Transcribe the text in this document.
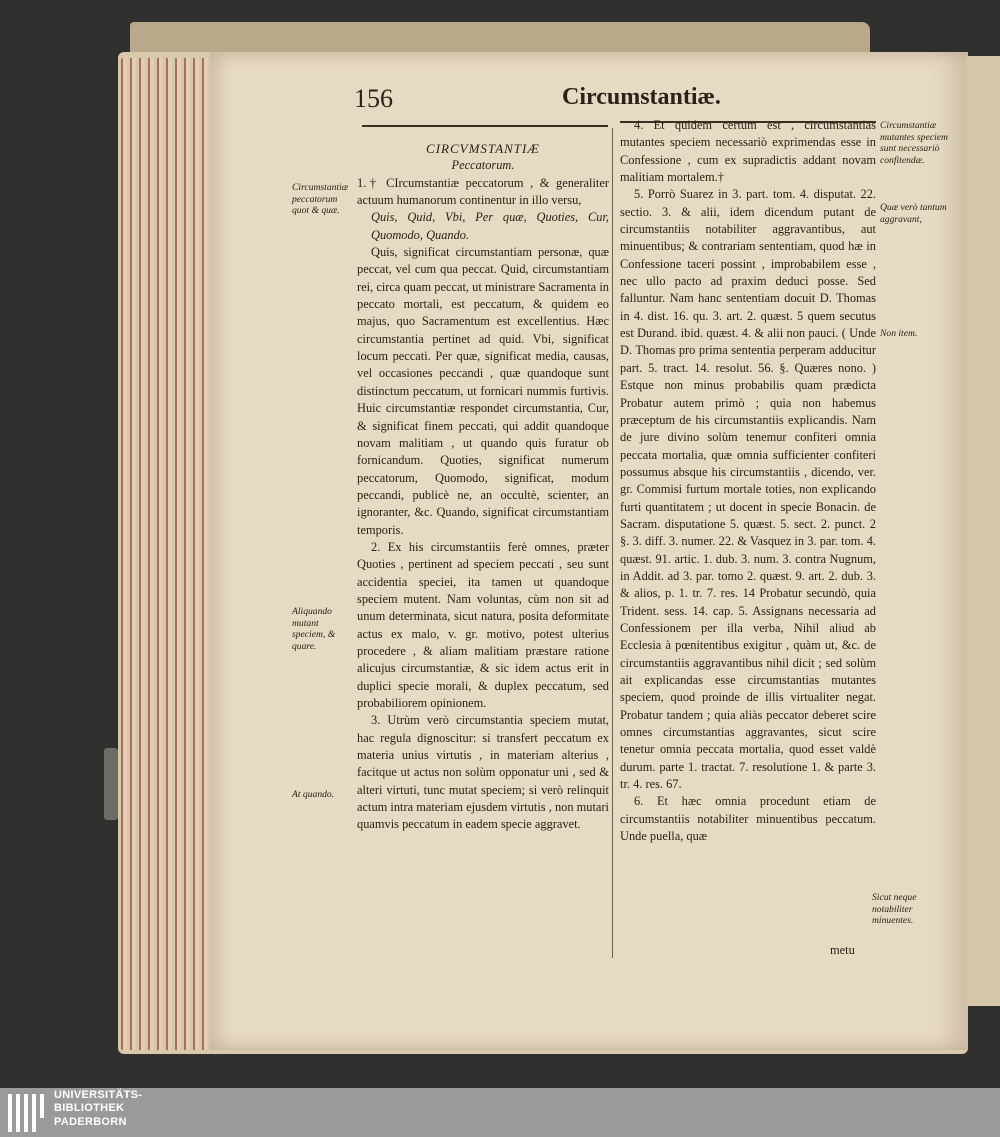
156	Circumstantiæ.

CIRCVMSTANTIÆ

Peccatorum.

1.† CIrcumstantiæ peccatorum , & generaliter actuum humanorum continentur in illo versu,

Quis, Quid, Vbi, Per quæ, Quoties, Cur, Quomodo, Quando.

Quis, significat circumstantiam personæ, quæ peccat, vel cum qua peccat. Quid, circumstantiam rei, circa quam peccat, ut ministrare Sacramenta in peccato mortali, est peccatum, & quidem eo majus, quo Sacramentum est excellentius. Hæc circumstantia pertinet ad quid. Vbi, significat locum peccati. Per quæ, significat media, causas, vel occasiones peccandi , quæ quandoque sunt distinctum peccatum, ut fornicari nummis furtivis. Huic circumstantiæ respondet circumstantia, Cur, & significat finem peccati, qui addit quandoque novam malitiam , ut quando quis furatur ob fornicandum. Quoties, significat numerum peccatorum, Quomodo, significat, modum peccandi, publicè ne, an occultè, scienter, an ignoranter, &c. Quando, significat circumstantiam temporis.

2. Ex his circumstantiis ferè omnes, præter Quoties , pertinent ad speciem peccati , seu sunt accidentia speciei, ita tamen ut quandoque speciem mutent. Nam voluntas, cùm non sit ad unum determinata, sicut natura, posita deformitate actus ex malo, v. gr. motivo, potest ulterius procedere , & aliam malitiam præstare ratione alicujus circumstantiæ, & sic idem actus erit in duplici specie morali, & duplex peccatum, sed probabiliorem opinionem.

3. Utrùm verò circumstantia speciem mutat, hac regula dignoscitur: si transfert peccatum ex materia unius virtutis , in materiam alterius , facitque ut actus non solùm opponatur uni , sed & alteri virtuti, tunc mutat speciem; si verò relinquit actum intra materiam ejusdem virtutis , non mutari quamvis peccatum in eadem specie aggravet.

4. Et quidem certum est , circumstantias mutantes speciem necessariò exprimendas esse in Confessione , cum ex supradictis addant novam malitiam mortalem.†

5. Porrò Suarez in 3. part. tom. 4. disputat. 22. sectio. 3. & alii, idem dicendum putant de circumstantiis notabiliter aggravantibus, aut minuentibus; & contrariam sententiam, quod hæ in Confessione taceri possint , improbabilem esse , nec ullo pacto ad praxim deduci posse. Sed falluntur. Nam hanc sententiam docuit D. Thomas in 4. dist. 16. qu. 3. art. 2. quæst. 5 quem secutus est Durand. ibid. quæst. 4. & alii non pauci. ( Unde D. Thomas pro prima sententia perperam adducitur part. 5. tract. 14. resolut. 56. §. Quæres nono. ) Estque non minus probabilis quam prædicta Probatur autem primò ; quia non habemus præceptum de his circumstantiis explicandis. Nam de jure divino solùm tenemur confiteri omnia peccata mortalia, quæ omnia sufficienter confiteri possumus absque his circumstantiis , dicendo, ver. gr. Commisi furtum mortale toties, non explicando furti quantitatem ; ut docent in specie Bonacin. de Sacram. disputatione 5. quæst. 5. sect. 2. punct. 2 §. 3. diff. 3. numer. 22. & Vasquez in 3. par. tom. 4. quæst. 91. artic. 1. dub. 3. num. 3. contra Nugnum, in Addit. ad 3. par. tomo 2. quæst. 9. art. 2. dub. 3. & alios, p. 1. tr. 7. res. 14 Probatur secundò, quia Trident. sess. 14. cap. 5. Assignans necessaria ad Confessionem per illa verba, Nihil aliud ab Ecclesia à pœnitentibus exigitur , quàm ut, &c. de circumstantiis aggravantibus nihil dicit ; sed solùm ait explicandas esse circumstantias mutantes speciem, quod proinde de illis virtualiter negat. Probatur tandem ; quia aliàs peccator deberet scire omnes circumstantias aggravantes, sicut scire tenetur omnia peccata mortalia, quod esset valdè durum. parte 1. tractat. 7. resolutione 1. & parte 3. tr. 4. res. 67.

6. Et hæc omnia procedunt etiam de circumstantiis notabiliter minuentibus peccatum. Unde puella, quæ

metu
Circumstantiæ peccatorum quot & quæ.
Aliquando mutant speciem, & quare.
At quando.
Circumstantiæ mutantes speciem sunt necessariò confitendæ.
Quæ verò tantum aggravant,
Non item.
Sicut neque notabiliter minuentes.
UNIVERSITÄTS-
BIBLIOTHEK
PADERBORN
